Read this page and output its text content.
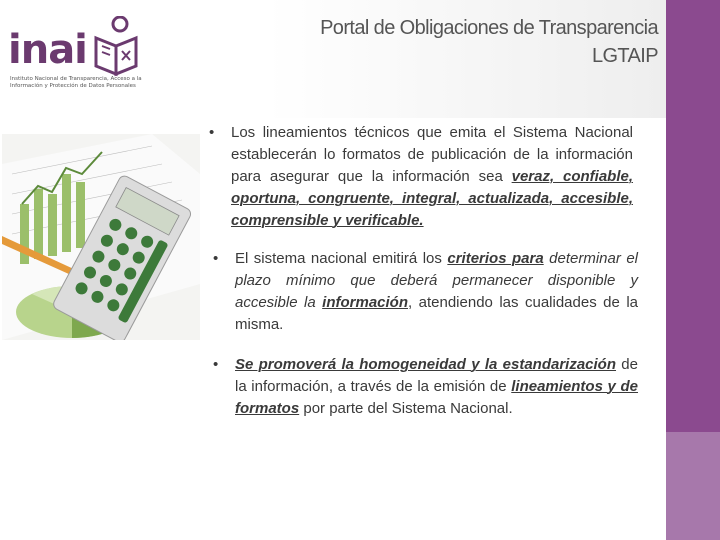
inai
Instituto Nacional de Transparencia, Acceso a la
Información y Protección de Datos Personales
Portal de Obligaciones de Transparencia
LGTAIP
• Los lineamientos técnicos que emita el Sistema Nacional establecerán lo formatos de publicación de la información para asegurar que la información sea veraz, confiable, oportuna, congruente, integral, actualizada, accesible, comprensible y verificable.
• El sistema nacional emitirá los criterios para determinar el plazo mínimo que deberá permanecer disponible y accesible la información, atendiendo las cualidades de la misma.
• Se promoverá la homogeneidad y la estandarización de la información, a través de la emisión de lineamientos y de formatos por parte del Sistema Nacional.
